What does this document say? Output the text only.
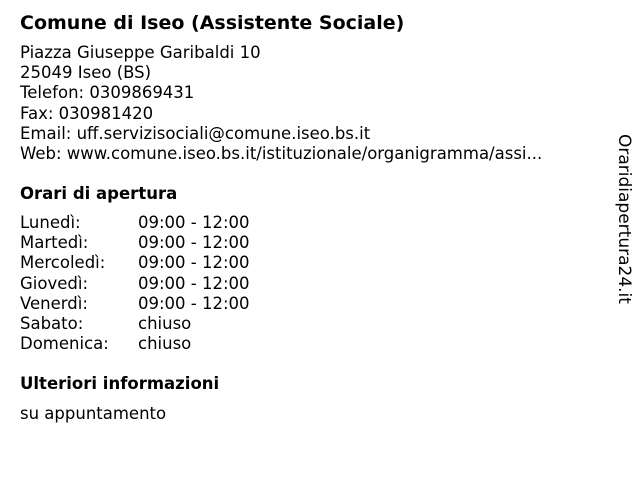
Comune di Iseo (Assistente Sociale)
Piazza Giuseppe Garibaldi 10
25049 Iseo (BS)
Telefon: 0309869431
Fax: 030981420
Email: uff.servizisociali@comune.iseo.bs.it
Web: www.comune.iseo.bs.it/istituzionale/organigramma/assi...
Orari di apertura
Lunedì:	09:00 - 12:00
Martedì:	09:00 - 12:00
Mercoledì: 09:00 - 12:00
Giovedì:	09:00 - 12:00
Venerdì:	09:00 - 12:00
Sabato:	chiuso
Domenica: chiuso
Ulteriori informazioni
su appuntamento
Oraridiapertura24.it
